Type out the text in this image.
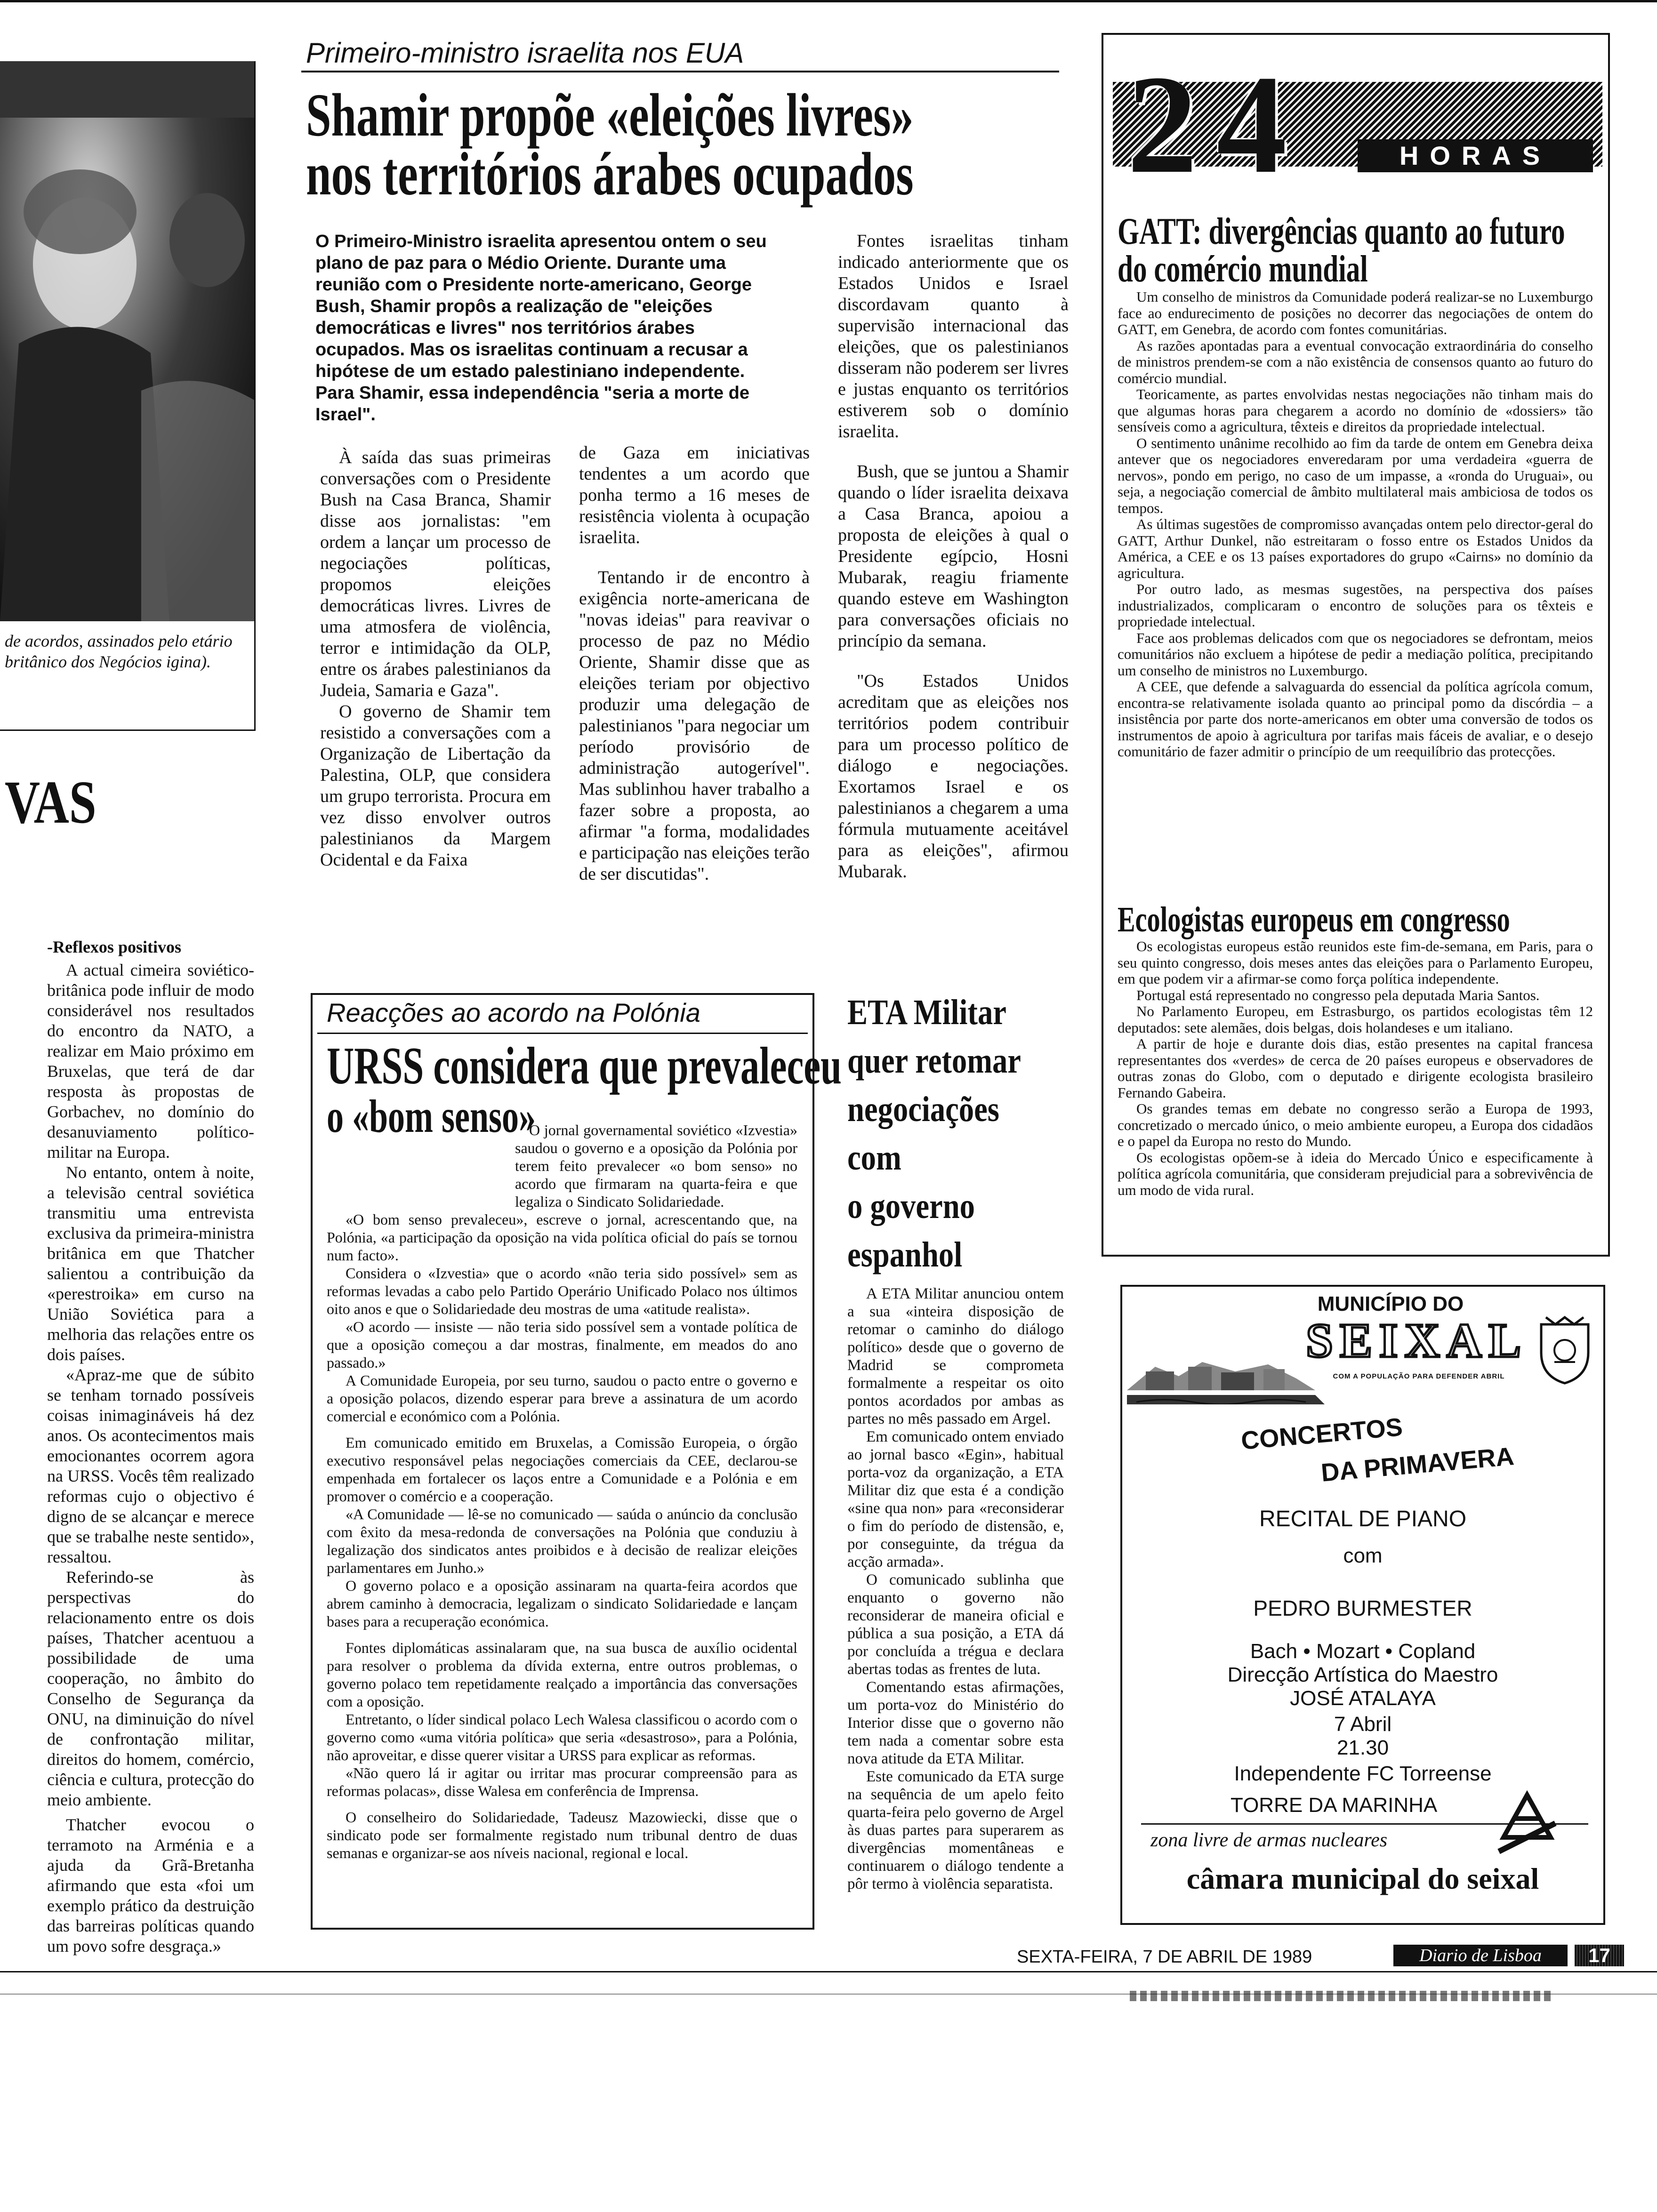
de acordos, assinados pelo etário britânico dos Negócios igina).
VAS
-Reflexos positivos

A actual cimeira soviético-britânica pode influir de modo considerável nos resultados do encontro da NATO, a realizar em Maio próximo em Bruxelas, que terá de dar resposta às propostas de Gorbachev, no domínio do desanuviamento político-militar na Europa.

No entanto, ontem à noite, a televisão central soviética transmitiu uma entrevista exclusiva da primeira-ministra britânica em que Thatcher salientou a contribuição da «perestroika» em curso na União Soviética para a melhoria das relações entre os dois países.

«Apraz-me que de súbito se tenham tornado possíveis coisas inimagináveis há dez anos. Os acontecimentos mais emocionantes ocorrem agora na URSS. Vocês têm realizado reformas cujo o objectivo é digno de se alcançar e merece que se trabalhe neste sentido», ressaltou.

Referindo-se às perspectivas do relacionamento entre os dois países, Thatcher acentuou a possibilidade de uma cooperação, no âmbito do Conselho de Segurança da ONU, na diminuição do nível de confrontação militar, direitos do homem, comércio, ciência e cultura, protecção do meio ambiente.

Thatcher evocou o terramoto na Arménia e a ajuda da Grã-Bretanha afirmando que esta «foi um exemplo prático da destruição das barreiras políticas quando um povo sofre desgraça.»

Primeiro-ministro israelita nos EUA
Shamir propõe «eleições livres»
nos territórios árabes ocupados
O Primeiro-Ministro israelita apresentou ontem o seu plano de paz para o Médio Oriente. Durante uma reunião com o Presidente norte-americano, George Bush, Shamir propôs a realização de "eleições democráticas e livres" nos territórios árabes ocupados. Mas os israelitas continuam a recusar a hipótese de um estado palestiniano independente. Para Shamir, essa independência "seria a morte de Israel".

À saída das suas primeiras conversações com o Presidente Bush na Casa Branca, Shamir disse aos jornalistas: "em ordem a lançar um processo de negociações políticas, propomos eleições democráticas livres. Livres de uma atmosfera de violência, terror e intimidação da OLP, entre os árabes palestinianos da Judeia, Samaria e Gaza".

O governo de Shamir tem resistido a conversações com a Organização de Libertação da Palestina, OLP, que considera um grupo terrorista. Procura em vez disso envolver outros palestinianos da Margem Ocidental e da Faixa

de Gaza em iniciativas tendentes a um acordo que ponha termo a 16 meses de resistência violenta à ocupação israelita.

Tentando ir de encontro à exigência norte-americana de "novas ideias" para reavivar o processo de paz no Médio Oriente, Shamir disse que as eleições teriam por objectivo produzir uma delegação de palestinianos "para negociar um período provisório de administração autogerível". Mas sublinhou haver trabalho a fazer sobre a proposta, ao afirmar "a forma, modalidades e participação nas eleições terão de ser discutidas".

Fontes israelitas tinham indicado anteriormente que os Estados Unidos e Israel discordavam quanto à supervisão internacional das eleições, que os palestinianos disseram não poderem ser livres e justas enquanto os territórios estiverem sob o domínio israelita.

Bush, que se juntou a Shamir quando o líder israelita deixava a Casa Branca, apoiou a proposta de eleições à qual o Presidente egípcio, Hosni Mubarak, reagiu friamente quando esteve em Washington para conversações oficiais no princípio da semana.

"Os Estados Unidos acreditam que as eleições nos territórios podem contribuir para um processo político de diálogo e negociações. Exortamos Israel e os palestinianos a chegarem a uma fórmula mutuamente aceitável para as eleições", afirmou Mubarak.

Reacções ao acordo na Polónia
URSS considera que prevaleceu
o «bom senso»

O jornal governamental soviético «Izvestia» saudou o governo e a oposição da Polónia por terem feito prevalecer «o bom senso» no acordo que firmaram na quarta-feira e que legaliza o Sindicato Solidariedade.

«O bom senso prevaleceu», escreve o jornal, acrescentando que, na Polónia, «a participação da oposição na vida política oficial do país se tornou num facto».

Considera o «Izvestia» que o acordo «não teria sido possível» sem as reformas levadas a cabo pelo Partido Operário Unificado Polaco nos últimos oito anos e que o Solidariedade deu mostras de uma «atitude realista».

«O acordo — insiste — não teria sido possível sem a vontade política de que a oposição começou a dar mostras, finalmente, em meados do ano passado.»

A Comunidade Europeia, por seu turno, saudou o pacto entre o governo e a oposição polacos, dizendo esperar para breve a assinatura de um acordo comercial e económico com a Polónia.

Em comunicado emitido em Bruxelas, a Comissão Europeia, o órgão executivo responsável pelas negociações comerciais da CEE, declarou-se empenhada em fortalecer os laços entre a Comunidade e a Polónia e em promover o comércio e a cooperação.

«A Comunidade — lê-se no comunicado — saúda o anúncio da conclusão com êxito da mesa-redonda de conversações na Polónia que conduziu à legalização dos sindicatos antes proibidos e à decisão de realizar eleições parlamentares em Junho.»

O governo polaco e a oposição assinaram na quarta-feira acordos que abrem caminho à democracia, legalizam o sindicato Solidariedade e lançam bases para a recuperação económica.

Fontes diplomáticas assinalaram que, na sua busca de auxílio ocidental para resolver o problema da dívida externa, entre outros problemas, o governo polaco tem repetidamente realçado a importância das conversações com a oposição.

Entretanto, o líder sindical polaco Lech Walesa classificou o acordo com o governo como «uma vitória política» que seria «desastroso», para a Polónia, não aproveitar, e disse querer visitar a URSS para explicar as reformas.

«Não quero lá ir agitar ou irritar mas procurar compreensão para as reformas polacas», disse Walesa em conferência de Imprensa.

O conselheiro do Solidariedade, Tadeusz Mazowiecki, disse que o sindicato pode ser formalmente registado num tribunal dentro de duas semanas e organizar-se aos níveis nacional, regional e local.

ETA Militar
quer retomar
negociações
com
o governo
espanhol

A ETA Militar anunciou ontem a sua «inteira disposição de retomar o caminho do diálogo político» desde que o governo de Madrid se comprometa formalmente a respeitar os oito pontos acordados por ambas as partes no mês passado em Argel.

Em comunicado ontem enviado ao jornal basco «Egin», habitual porta-voz da organização, a ETA Militar diz que esta é a condição «sine qua non» para «reconsiderar o fim do período de distensão, e, por conseguinte, da trégua da acção armada».

O comunicado sublinha que enquanto o governo não reconsiderar de maneira oficial e pública a sua posição, a ETA dá por concluída a trégua e declara abertas todas as frentes de luta.

Comentando estas afirmações, um porta-voz do Ministério do Interior disse que o governo não tem nada a comentar sobre esta nova atitude da ETA Militar.

Este comunicado da ETA surge na sequência de um apelo feito quarta-feira pelo governo de Argel às duas partes para superarem as divergências momentâneas e continuarem o diálogo tendente a pôr termo à violência separatista.

24	HORAS
GATT: divergências quanto ao futuro
do comércio mundial

Um conselho de ministros da Comunidade poderá realizar-se no Luxemburgo face ao endurecimento de posições no decorrer das negociações de ontem do GATT, em Genebra, de acordo com fontes comunitárias.

As razões apontadas para a eventual convocação extraordinária do conselho de ministros prendem-se com a não existência de consensos quanto ao futuro do comércio mundial.

Teoricamente, as partes envolvidas nestas negociações não tinham mais do que algumas horas para chegarem a acordo no domínio de «dossiers» tão sensíveis como a agricultura, têxteis e direitos da propriedade intelectual.

O sentimento unânime recolhido ao fim da tarde de ontem em Genebra deixa antever que os negociadores enveredaram por uma verdadeira «guerra de nervos», pondo em perigo, no caso de um impasse, a «ronda do Uruguai», ou seja, a negociação comercial de âmbito multilateral mais ambiciosa de todos os tempos.

As últimas sugestões de compromisso avançadas ontem pelo director-geral do GATT, Arthur Dunkel, não estreitaram o fosso entre os Estados Unidos da América, a CEE e os 13 países exportadores do grupo «Cairns» no domínio da agricultura.

Por outro lado, as mesmas sugestões, na perspectiva dos países industrializados, complicaram o encontro de soluções para os têxteis e propriedade intelectual.

Face aos problemas delicados com que os negociadores se defrontam, meios comunitários não excluem a hipótese de pedir a mediação política, precipitando um conselho de ministros no Luxemburgo.

A CEE, que defende a salvaguarda do essencial da política agrícola comum, encontra-se relativamente isolada quanto ao principal pomo da discórdia – a insistência por parte dos norte-americanos em obter uma conversão de todos os instrumentos de apoio à agricultura por tarifas mais fáceis de avaliar, e o desejo comunitário de fazer admitir o princípio de um reequilíbrio das protecções.

Ecologistas europeus em congresso

Os ecologistas europeus estão reunidos este fim-de-semana, em Paris, para o seu quinto congresso, dois meses antes das eleições para o Parlamento Europeu, em que podem vir a afirmar-se como força política independente.

Portugal está representado no congresso pela deputada Maria Santos.

No Parlamento Europeu, em Estrasburgo, os partidos ecologistas têm 12 deputados: sete alemães, dois belgas, dois holandeses e um italiano.

A partir de hoje e durante dois dias, estão presentes na capital francesa representantes dos «verdes» de cerca de 20 países europeus e observadores de outras zonas do Globo, com o deputado e dirigente ecologista brasileiro Fernando Gabeira.

Os grandes temas em debate no congresso serão a Europa de 1993, concretizado o mercado único, o meio ambiente europeu, a Europa dos cidadãos e o papel da Europa no resto do Mundo.

Os ecologistas opõem-se à ideia do Mercado Único e especificamente à política agrícola comunitária, que consideram prejudicial para a sobrevivência de um modo de vida rural.

MUNICÍPIO DO
SEIXAL
COM A POPULAÇÃO PARA DEFENDER ABRIL
CONCERTOS
DA PRIMAVERA
RECITAL DE PIANO
com
PEDRO BURMESTER
Bach • Mozart • Copland
Direcção Artística do Maestro
JOSÉ ATALAYA
7 Abril
21.30
Independente FC Torreense
TORRE DA MARINHA
zona livre de armas nucleares
câmara municipal do seixal
SEXTA-FEIRA, 7 DE ABRIL DE 1989	Diario de Lisboa	17
